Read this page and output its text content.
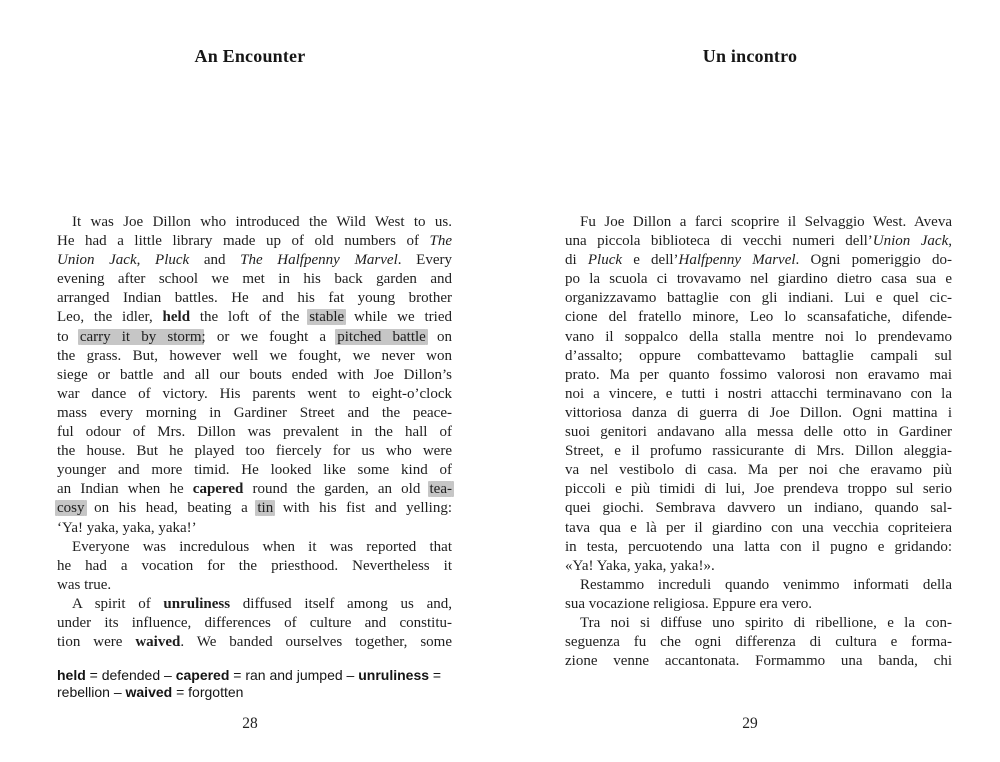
An Encounter
It was Joe Dillon who introduced the Wild West to us.
He had a little library made up of old numbers of The
Union Jack, Pluck and The Halfpenny Marvel. Every
evening after school we met in his back garden and
arranged Indian battles. He and his fat young brother
Leo, the idler, held the loft of the stable while we tried
to carry it by storm; or we fought a pitched battle on
the grass. But, however well we fought, we never won
siege or battle and all our bouts ended with Joe Dillon’s
war dance of victory. His parents went to eight-o’clock
mass every morning in Gardiner Street and the peace-
ful odour of Mrs. Dillon was prevalent in the hall of
the house. But he played too fiercely for us who were
younger and more timid. He looked like some kind of
an Indian when he capered round the garden, an old tea-
cosy on his head, beating a tin with his fist and yelling:
‘Ya! yaka, yaka, yaka!’
Everyone was incredulous when it was reported that
he had a vocation for the priesthood. Nevertheless it
was true.
A spirit of unruliness diffused itself among us and,
under its influence, differences of culture and constitu-
tion were waived. We banded ourselves together, some
held = defended – capered = ran and jumped – unruliness =
rebellion – waived = forgotten
28
Un incontro
Fu Joe Dillon a farci scoprire il Selvaggio West. Aveva
una piccola biblioteca di vecchi numeri dell’Union Jack,
di Pluck e dell’Halfpenny Marvel. Ogni pomeriggio do-
po la scuola ci trovavamo nel giardino dietro casa sua e
organizzavamo battaglie con gli indiani. Lui e quel cic-
cione del fratello minore, Leo lo scansafatiche, difende-
vano il soppalco della stalla mentre noi lo prendevamo
d’assalto; oppure combattevamo battaglie campali sul
prato. Ma per quanto fossimo valorosi non eravamo mai
noi a vincere, e tutti i nostri attacchi terminavano con la
vittoriosa danza di guerra di Joe Dillon. Ogni mattina i
suoi genitori andavano alla messa delle otto in Gardiner
Street, e il profumo rassicurante di Mrs. Dillon aleggia-
va nel vestibolo di casa. Ma per noi che eravamo più
piccoli e più timidi di lui, Joe prendeva troppo sul serio
quei giochi. Sembrava davvero un indiano, quando sal-
tava qua e là per il giardino con una vecchia copriteiera
in testa, percuotendo una latta con il pugno e gridando:
«Ya! Yaka, yaka, yaka!».
Restammo increduli quando venimmo informati della
sua vocazione religiosa. Eppure era vero.
Tra noi si diffuse uno spirito di ribellione, e la con-
seguenza fu che ogni differenza di cultura e forma-
zione venne accantonata. Formammo una banda, chi
29
